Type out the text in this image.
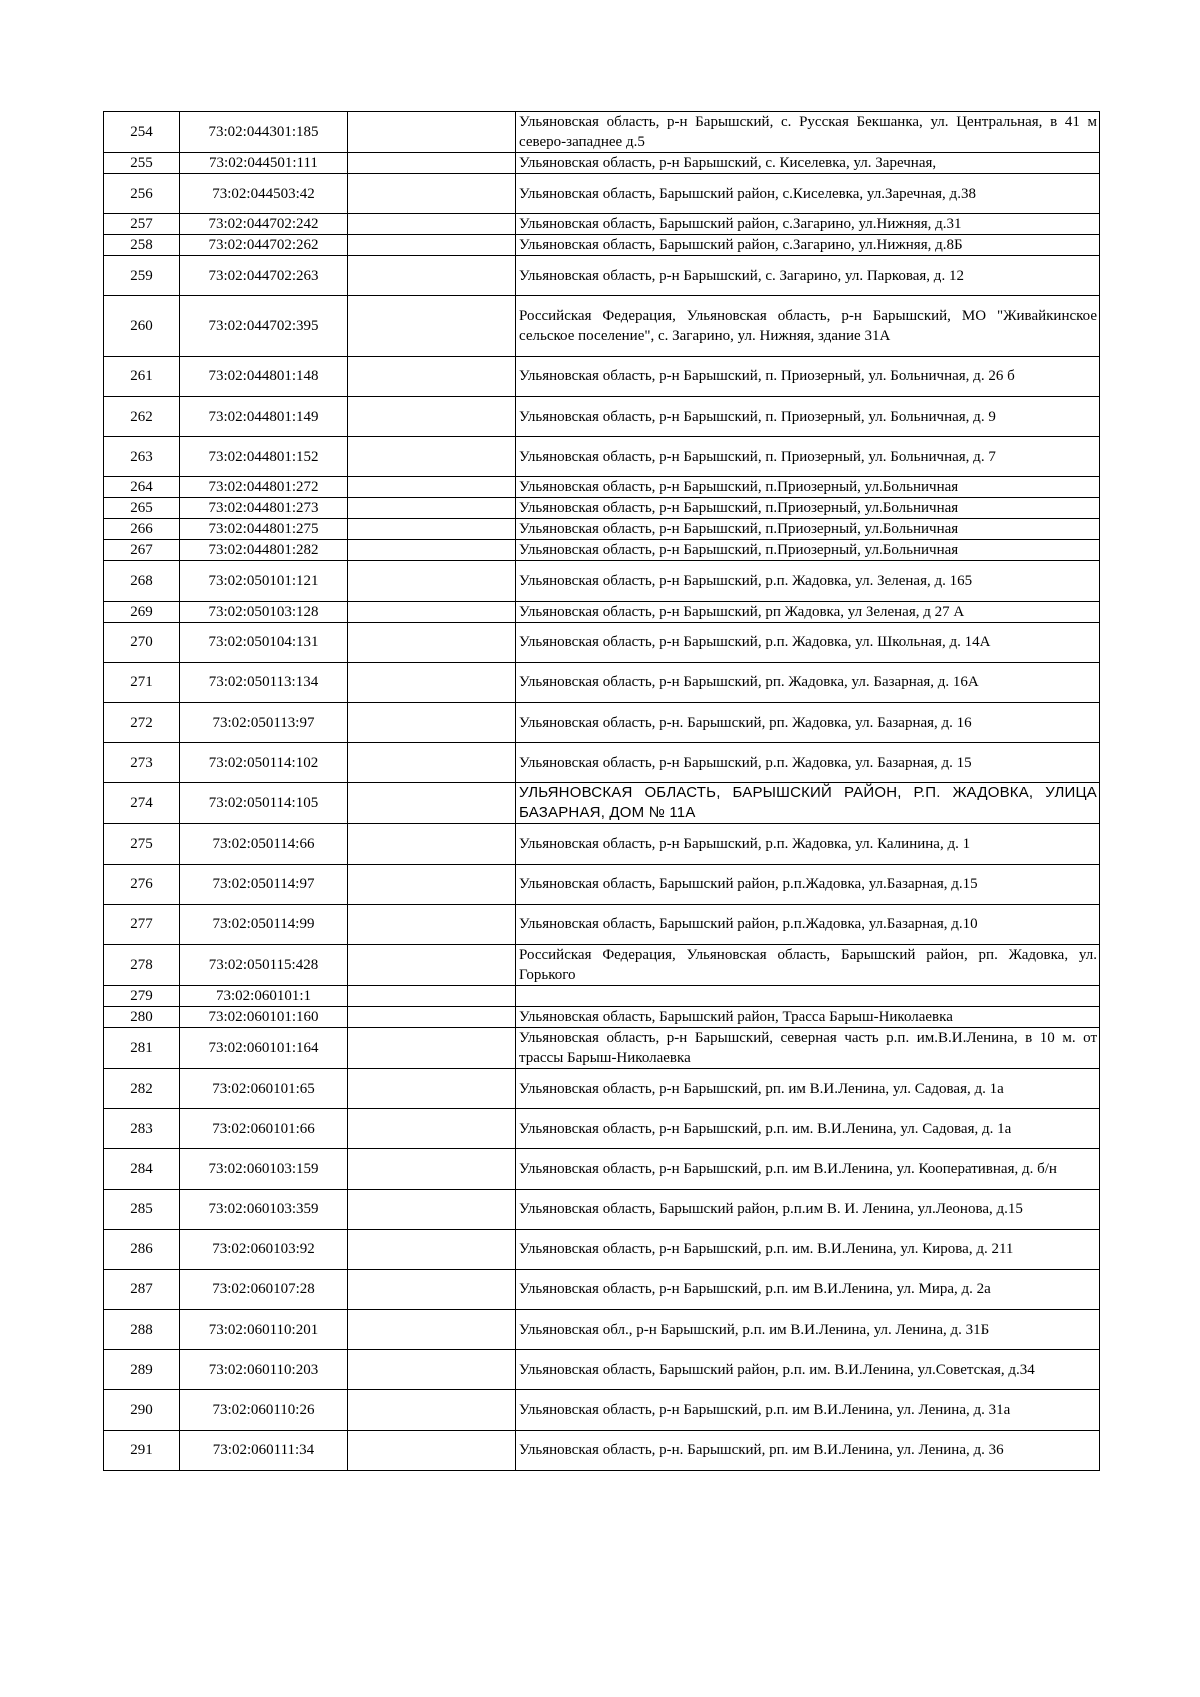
254	73:02:044301:185		Ульяновская область, р-н Барышский, с. Русская Бекшанка, ул. Центральная, в 41 м северо-западнее д.5
255	73:02:044501:111		Ульяновская область, р-н Барышский, с. Киселевка, ул. Заречная,
256	73:02:044503:42		Ульяновская область, Барышский район, с.Киселевка, ул.Заречная, д.38
257	73:02:044702:242		Ульяновская область, Барышский район, с.Загарино, ул.Нижняя, д.31
258	73:02:044702:262		Ульяновская область, Барышский район, с.Загарино, ул.Нижняя, д.8Б
259	73:02:044702:263		Ульяновская область, р-н Барышский, с. Загарино, ул. Парковая, д. 12
260	73:02:044702:395		Российская Федерация, Ульяновская область, р-н Барышский, МО "Живайкинское сельское поселение", с. Загарино, ул. Нижняя, здание 31А
261	73:02:044801:148		Ульяновская область, р-н Барышский, п. Приозерный, ул. Больничная, д. 26 б
262	73:02:044801:149		Ульяновская область, р-н Барышский, п. Приозерный, ул. Больничная, д. 9
263	73:02:044801:152		Ульяновская область, р-н Барышский, п. Приозерный, ул. Больничная, д. 7
264	73:02:044801:272		Ульяновская область, р-н Барышский, п.Приозерный, ул.Больничная
265	73:02:044801:273		Ульяновская область, р-н Барышский, п.Приозерный, ул.Больничная
266	73:02:044801:275		Ульяновская область, р-н Барышский, п.Приозерный, ул.Больничная
267	73:02:044801:282		Ульяновская область, р-н Барышский, п.Приозерный, ул.Больничная
268	73:02:050101:121		Ульяновская область, р-н Барышский, р.п. Жадовка, ул. Зеленая, д. 165
269	73:02:050103:128		Ульяновская область, р-н Барышский, рп Жадовка, ул Зеленая, д 27 А
270	73:02:050104:131		Ульяновская область, р-н Барышский, р.п. Жадовка, ул. Школьная, д. 14А
271	73:02:050113:134		Ульяновская область, р-н Барышский, рп. Жадовка, ул. Базарная, д. 16А
272	73:02:050113:97		Ульяновская область, р-н. Барышский, рп. Жадовка, ул. Базарная, д. 16
273	73:02:050114:102		Ульяновская область, р-н Барышский, р.п. Жадовка, ул. Базарная, д. 15
274	73:02:050114:105		УЛЬЯНОВСКАЯ ОБЛАСТЬ, БАРЫШСКИЙ РАЙОН, Р.П. ЖАДОВКА, УЛИЦА БАЗАРНАЯ, ДОМ № 11А
275	73:02:050114:66		Ульяновская область, р-н Барышский, р.п. Жадовка, ул. Калинина, д. 1
276	73:02:050114:97		Ульяновская область, Барышский район, р.п.Жадовка, ул.Базарная, д.15
277	73:02:050114:99		Ульяновская область, Барышский район, р.п.Жадовка, ул.Базарная, д.10
278	73:02:050115:428		Российская Федерация, Ульяновская область, Барышский район, рп. Жадовка, ул. Горького
279	73:02:060101:1		
280	73:02:060101:160		Ульяновская область, Барышский район, Трасса Барыш-Николаевка
281	73:02:060101:164		Ульяновская область, р-н Барышский, северная часть р.п. им.В.И.Ленина, в 10 м. от трассы Барыш-Николаевка
282	73:02:060101:65		Ульяновская область, р-н Барышский, рп. им В.И.Ленина, ул. Садовая, д. 1а
283	73:02:060101:66		Ульяновская область, р-н Барышский, р.п. им. В.И.Ленина, ул. Садовая, д. 1а
284	73:02:060103:159		Ульяновская область, р-н Барышский, р.п. им В.И.Ленина, ул. Кооперативная, д. б/н
285	73:02:060103:359		Ульяновская область, Барышский район, р.п.им В. И. Ленина, ул.Леонова, д.15
286	73:02:060103:92		Ульяновская область, р-н Барышский, р.п. им. В.И.Ленина, ул. Кирова, д. 211
287	73:02:060107:28		Ульяновская область, р-н Барышский, р.п. им В.И.Ленина, ул. Мира, д. 2а
288	73:02:060110:201		Ульяновская обл., р-н Барышский, р.п. им В.И.Ленина, ул. Ленина, д. 31Б
289	73:02:060110:203		Ульяновская область, Барышский район, р.п. им. В.И.Ленина, ул.Советская, д.34
290	73:02:060110:26		Ульяновская область, р-н Барышский, р.п. им В.И.Ленина, ул. Ленина, д. 31а
291	73:02:060111:34		Ульяновская область, р-н. Барышский, рп. им В.И.Ленина, ул. Ленина, д. 36
